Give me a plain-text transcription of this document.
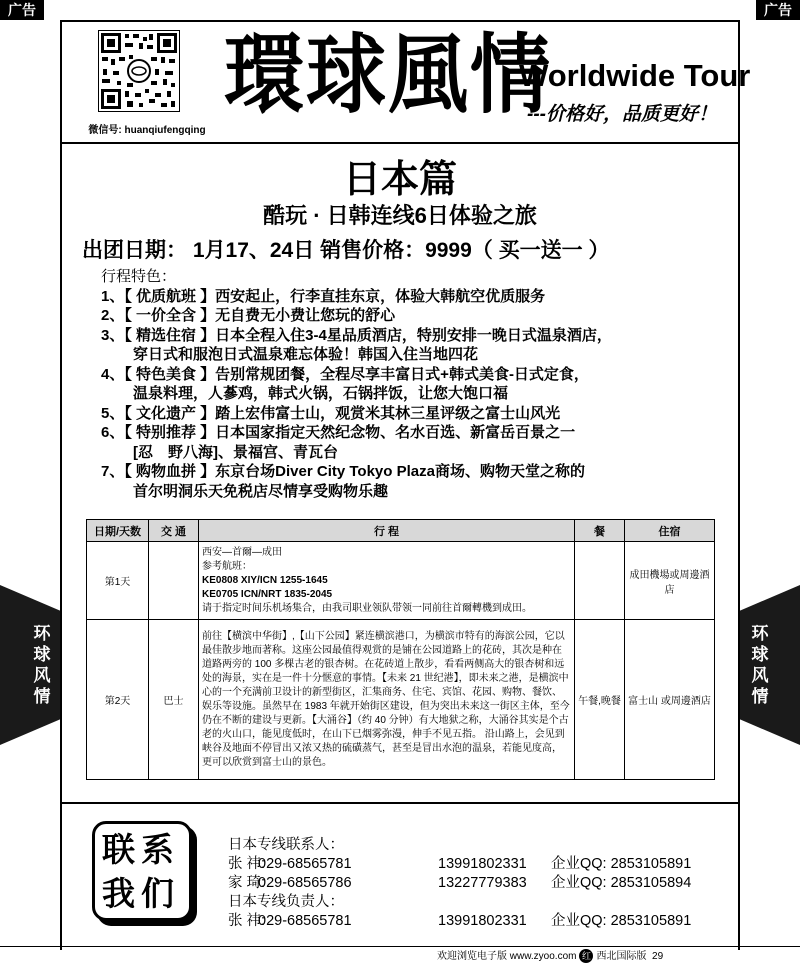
广告	广告
微信号: huanqiufengqing
環球風情
Worldwide Tour
---价格好，品质更好！
日本篇
酷玩 · 日韩连线6日体验之旅
出团日期： 1月17、24日 销售价格：9999（ 买一送一 ）
行程特色：
1、【 优质航班 】西安起止，行李直挂东京，体验大韩航空优质服务
2、【 一价全含 】无自费无小费让您玩的舒心
3、【 精选住宿 】日本全程入住3-4星品质酒店，特别安排一晚日式温泉酒店，
穿日式和服泡日式温泉难忘体验！韩国入住当地四花
4、【 特色美食 】告别常规团餐，全程尽享丰富日式+韩式美食-日式定食，
温泉料理，人蔘鸡，韩式火锅，石锅拌饭，让您大饱口福
5、【 文化遗产 】踏上宏伟富士山，观赏米其林三星评级之富士山风光
6、【 特别推荐 】日本国家指定天然纪念物、名水百选、新富岳百景之一
[忍　野八海]、景福宫、青瓦台
7、【 购物血拼 】东京台场Diver City Tokyo Plaza商场、购物天堂之称的
首尔明洞乐天免税店尽情享受购物乐趣
日期/天数	交 通	行 程	餐	住宿
第1天		西安—首爾—成田
参考航班：
KE0808 XIY/ICN 1255-1645
KE0705 ICN/NRT 1835-2045
请于指定时间乐机场集合，由我司职业领队带领一同前往首爾轉機到成田。		成田機場或周邊酒店
第2天	巴士	前往【横滨中华街】,【山下公园】紧连横滨港口，为横滨市特有的海滨公园，它以最佳散步地而著称。这座公园最值得观赏的是铺在公园道路上的花砖，其次是种在道路两旁的 100 多棵古老的银杏树。在花砖道上散步，看看两侧高大的银杏树和远处的海景，实在是一件十分惬意的事情。【未来 21 世纪港】，即未来之港，是横滨中心的一个充满前卫设计的新型街区，汇集商务、住宅、宾馆、花园、购物、餐饮、娱乐等设施。虽然早在 1983 年就开始街区建设，但为突出未来这一街区主体，至今仍在不断的建设与更新。【大涌谷】（约 40 分钟）有大地狱之称，大涌谷其实是个古老的火山口，能见度低时，在山下已烟雾弥漫，伸手不见五指。 沿山路上，会见到峡谷及地面不停冒出又浓又热的硫磺蒸气，甚至是冒出水泡的温泉，若能见度高，更可以欣赏到富士山的景色。	午餐,晚餐	富士山 或周邊酒店
环球风情
环球风情
联系我们
日本专线联系人：
张 祎:029-68565781	13991802331 企业QQ: 2853105891
家 琦:029-68565786	13227779383 企业QQ: 2853105894
日本专线负责人：
张 祎:029-68565781	13991802331 企业QQ: 2853105891
欢迎浏览电子版 www.zyoo.com 红 西北国际版 29
